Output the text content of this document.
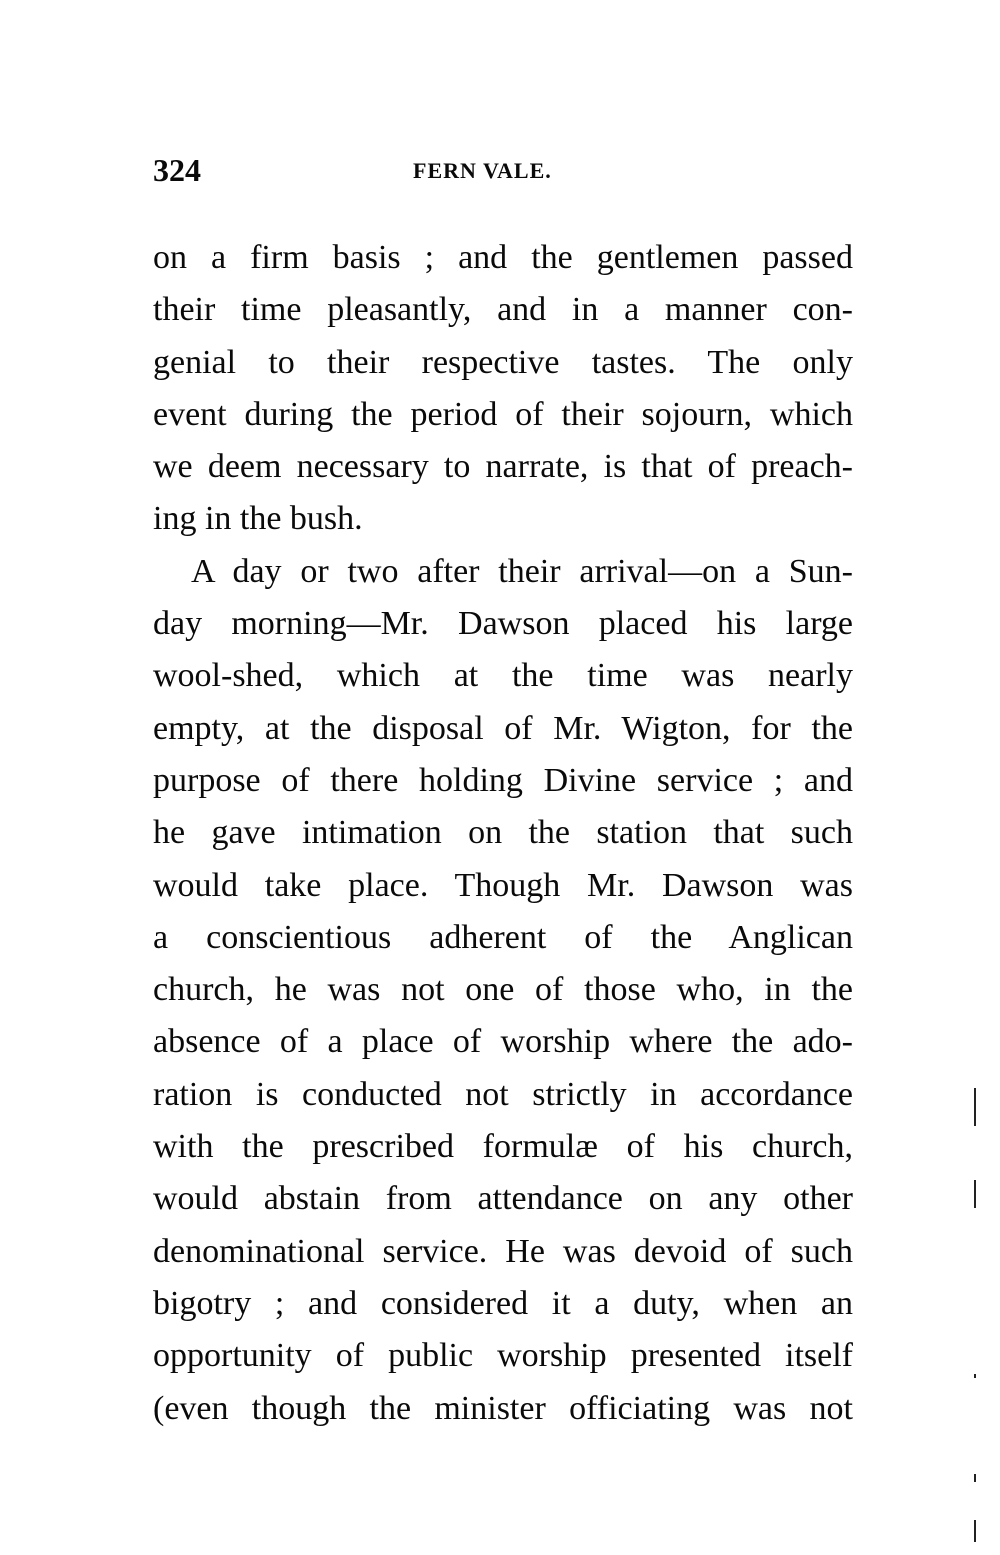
324	FERN VALE.
on a firm basis ; and the gentlemen passed
their time pleasantly, and in a manner con-
genial to their respective tastes. The only
event during the period of their sojourn, which
we deem necessary to narrate, is that of preach-
ing in the bush.
A day or two after their arrival—on a Sun-
day morning—Mr. Dawson placed his large
wool-shed, which at the time was nearly
empty, at the disposal of Mr. Wigton, for the
purpose of there holding Divine service ; and
he gave intimation on the station that such
would take place. Though Mr. Dawson was
a conscientious adherent of the Anglican
church, he was not one of those who, in the
absence of a place of worship where the ado-
ration is conducted not strictly in accordance
with the prescribed formulæ of his church,
would abstain from attendance on any other
denominational service. He was devoid of such
bigotry ; and considered it a duty, when an
opportunity of public worship presented itself
(even though the minister officiating was not
